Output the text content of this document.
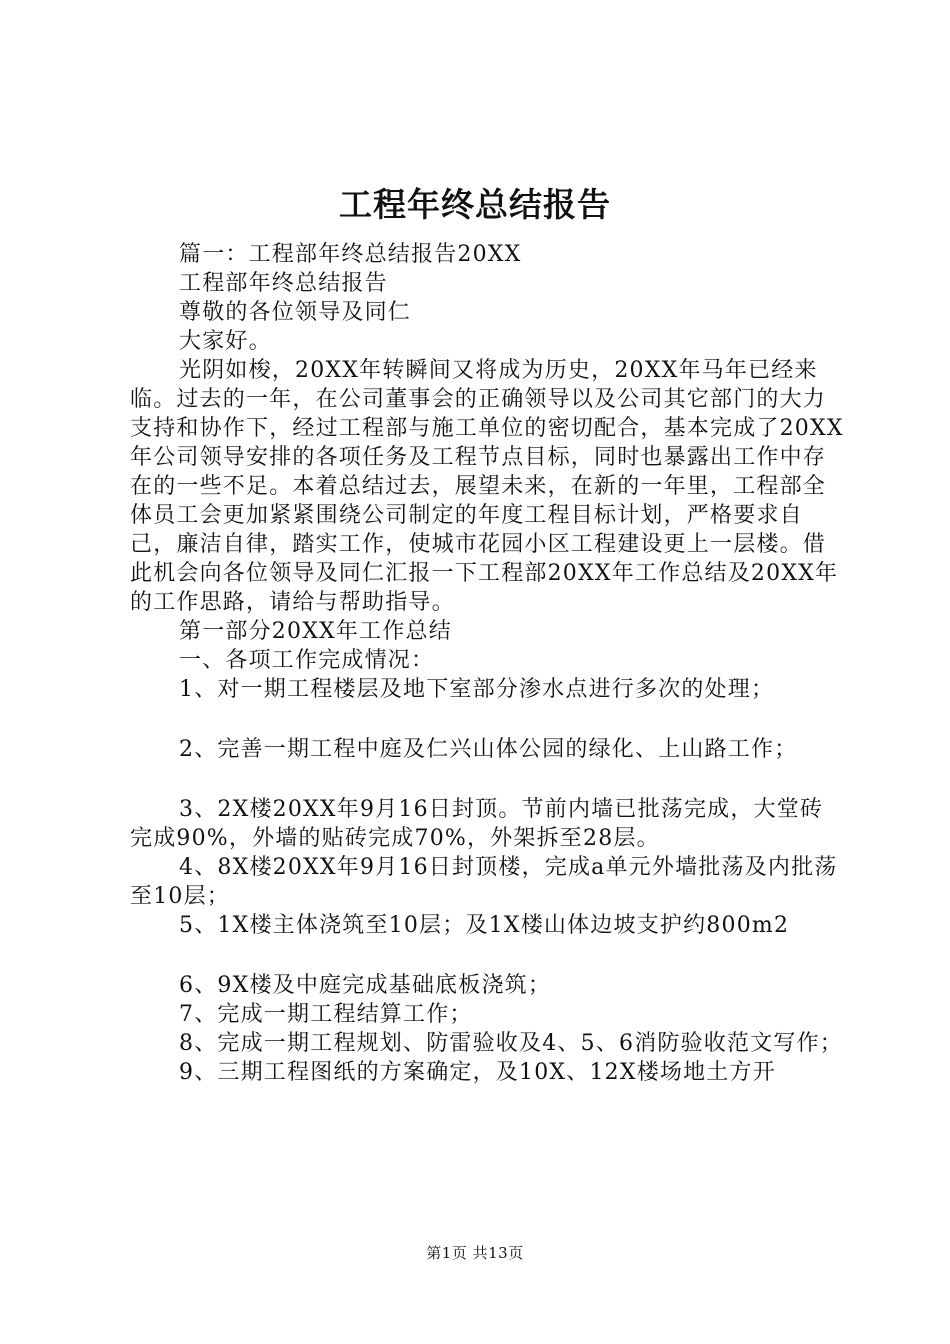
工程年终总结报告

篇一：工程部年终总结报告20XX

工程部年终总结报告

尊敬的各位领导及同仁

大家好。

光阴如梭，20XX年转瞬间又将成为历史，20XX年马年已经来临。过去的一年，在公司董事会的正确领导以及公司其它部门的大力支持和协作下，经过工程部与施工单位的密切配合，基本完成了20XX年公司领导安排的各项任务及工程节点目标，同时也暴露出工作中存在的一些不足。本着总结过去，展望未来，在新的一年里，工程部全体员工会更加紧紧围绕公司制定的年度工程目标计划，严格要求自己，廉洁自律，踏实工作，使城市花园小区工程建设更上一层楼。借此机会向各位领导及同仁汇报一下工程部20XX年工作总结及20XX年的工作思路，请给与帮助指导。

第一部分20XX年工作总结

一、各项工作完成情况：

1、对一期工程楼层及地下室部分渗水点进行多次的处理；

2、完善一期工程中庭及仁兴山体公园的绿化、上山路工作；

3、2X楼20XX年9月16日封顶。节前内墙已批荡完成，大堂砖完成90%，外墙的贴砖完成70%，外架拆至28层。

4、8X楼20XX年9月16日封顶楼，完成a单元外墙批荡及内批荡至10层；

5、1X楼主体浇筑至10层；及1X楼山体边坡支护约800m2

6、9X楼及中庭完成基础底板浇筑；

7、完成一期工程结算工作；

8、完成一期工程规划、防雷验收及4、5、6消防验收范文写作；

9、三期工程图纸的方案确定，及10X、12X楼场地土方开

第1页 共13页
